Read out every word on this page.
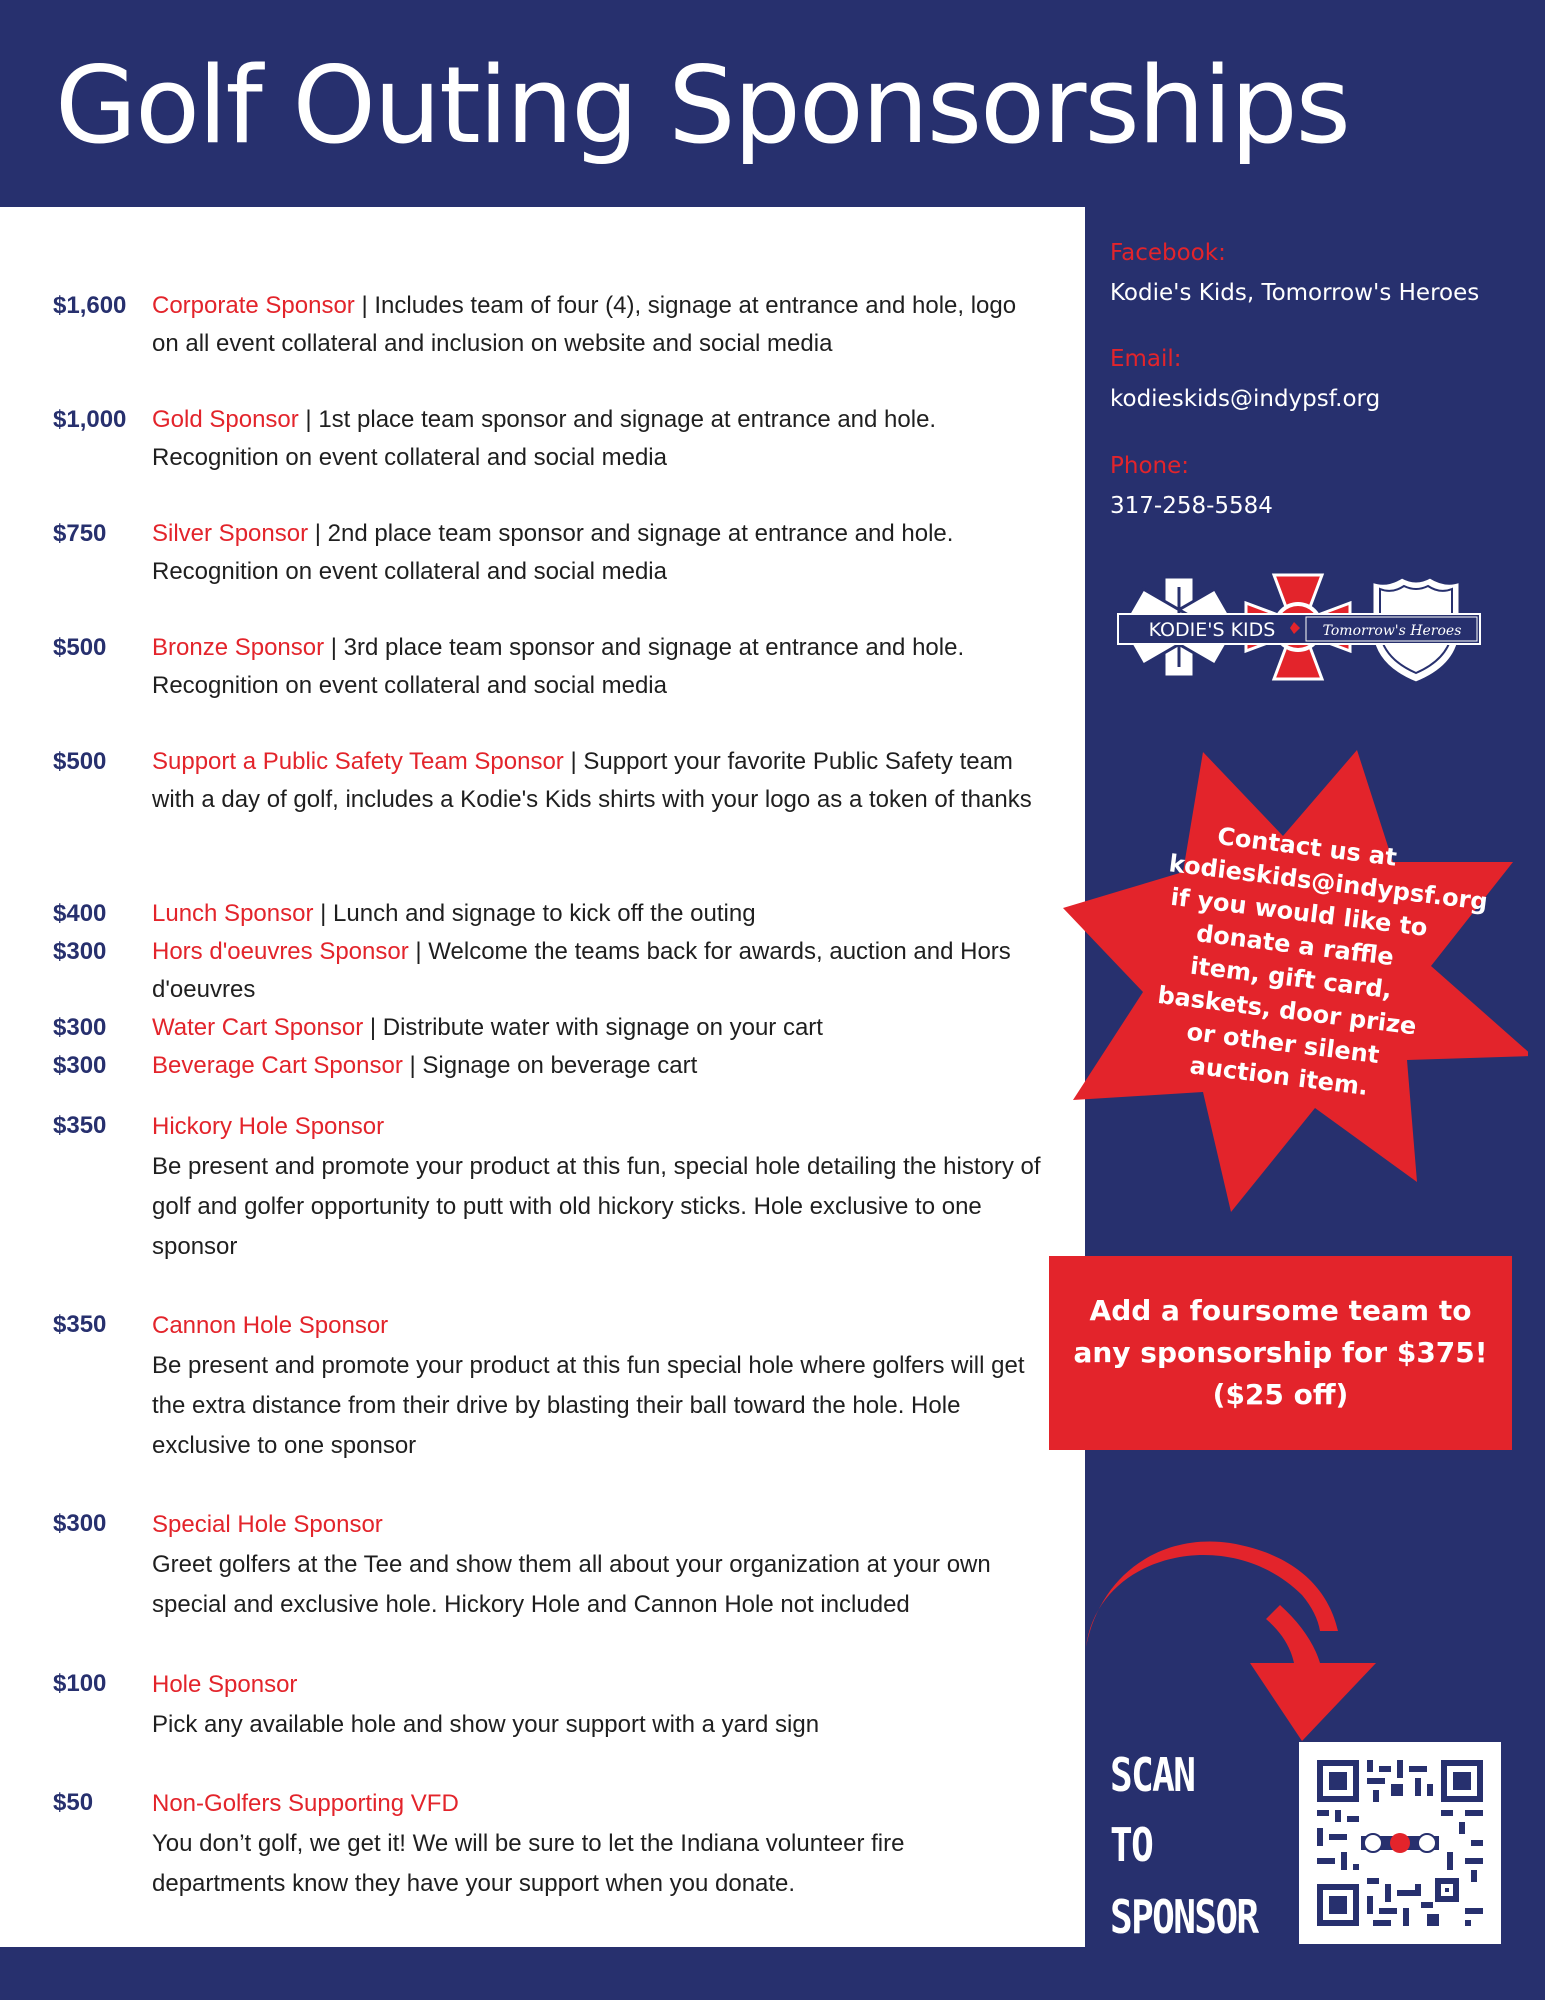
Golf Outing Sponsorships
$1,600 Corporate Sponsor | Includes team of four (4), signage at entrance and hole, logo on all event collateral and inclusion on website and social media
$1,000 Gold Sponsor | 1st place team sponsor and signage at entrance and hole. Recognition on event collateral and social media
$750 Silver Sponsor | 2nd place team sponsor and signage at entrance and hole. Recognition on event collateral and social media
$500 Bronze Sponsor | 3rd place team sponsor and signage at entrance and hole. Recognition on event collateral and social media
$500 Support a Public Safety Team Sponsor | Support your favorite Public Safety team with a day of golf, includes a Kodie's Kids shirts with your logo as a token of thanks
$400 Lunch Sponsor | Lunch and signage to kick off the outing
$300 Hors d'oeuvres Sponsor | Welcome the teams back for awards, auction and Hors d'oeuvres
$300 Water Cart Sponsor | Distribute water with signage on your cart
$300 Beverage Cart Sponsor | Signage on beverage cart
$350 Hickory Hole Sponsor
Be present and promote your product at this fun, special hole detailing the history of golf and golfer opportunity to putt with old hickory sticks. Hole exclusive to one sponsor
$350 Cannon Hole Sponsor
Be present and promote your product at this fun special hole where golfers will get the extra distance from their drive by blasting their ball toward the hole. Hole exclusive to one sponsor
$300 Special Hole Sponsor
Greet golfers at the Tee and show them all about your organization at your own special and exclusive hole. Hickory Hole and Cannon Hole not included
$100 Hole Sponsor
Pick any available hole and show your support with a yard sign
$50 Non-Golfers Supporting VFD
You don’t golf, we get it! We will be sure to let the Indiana volunteer fire departments know they have your support when you donate.
Facebook:
Kodie's Kids, Tomorrow's Heroes
Email:
kodieskids@indypsf.org
Phone:
317-258-5584
KODIE'S KIDS	Tomorrow's Heroes
Contact us at kodieskids@indypsf.org if you would like to donate a raffle item, gift card, baskets, door prize or other silent auction item.
Add a foursome team to any sponsorship for $375! ($25 off)
SCAN
TO
SPONSOR
